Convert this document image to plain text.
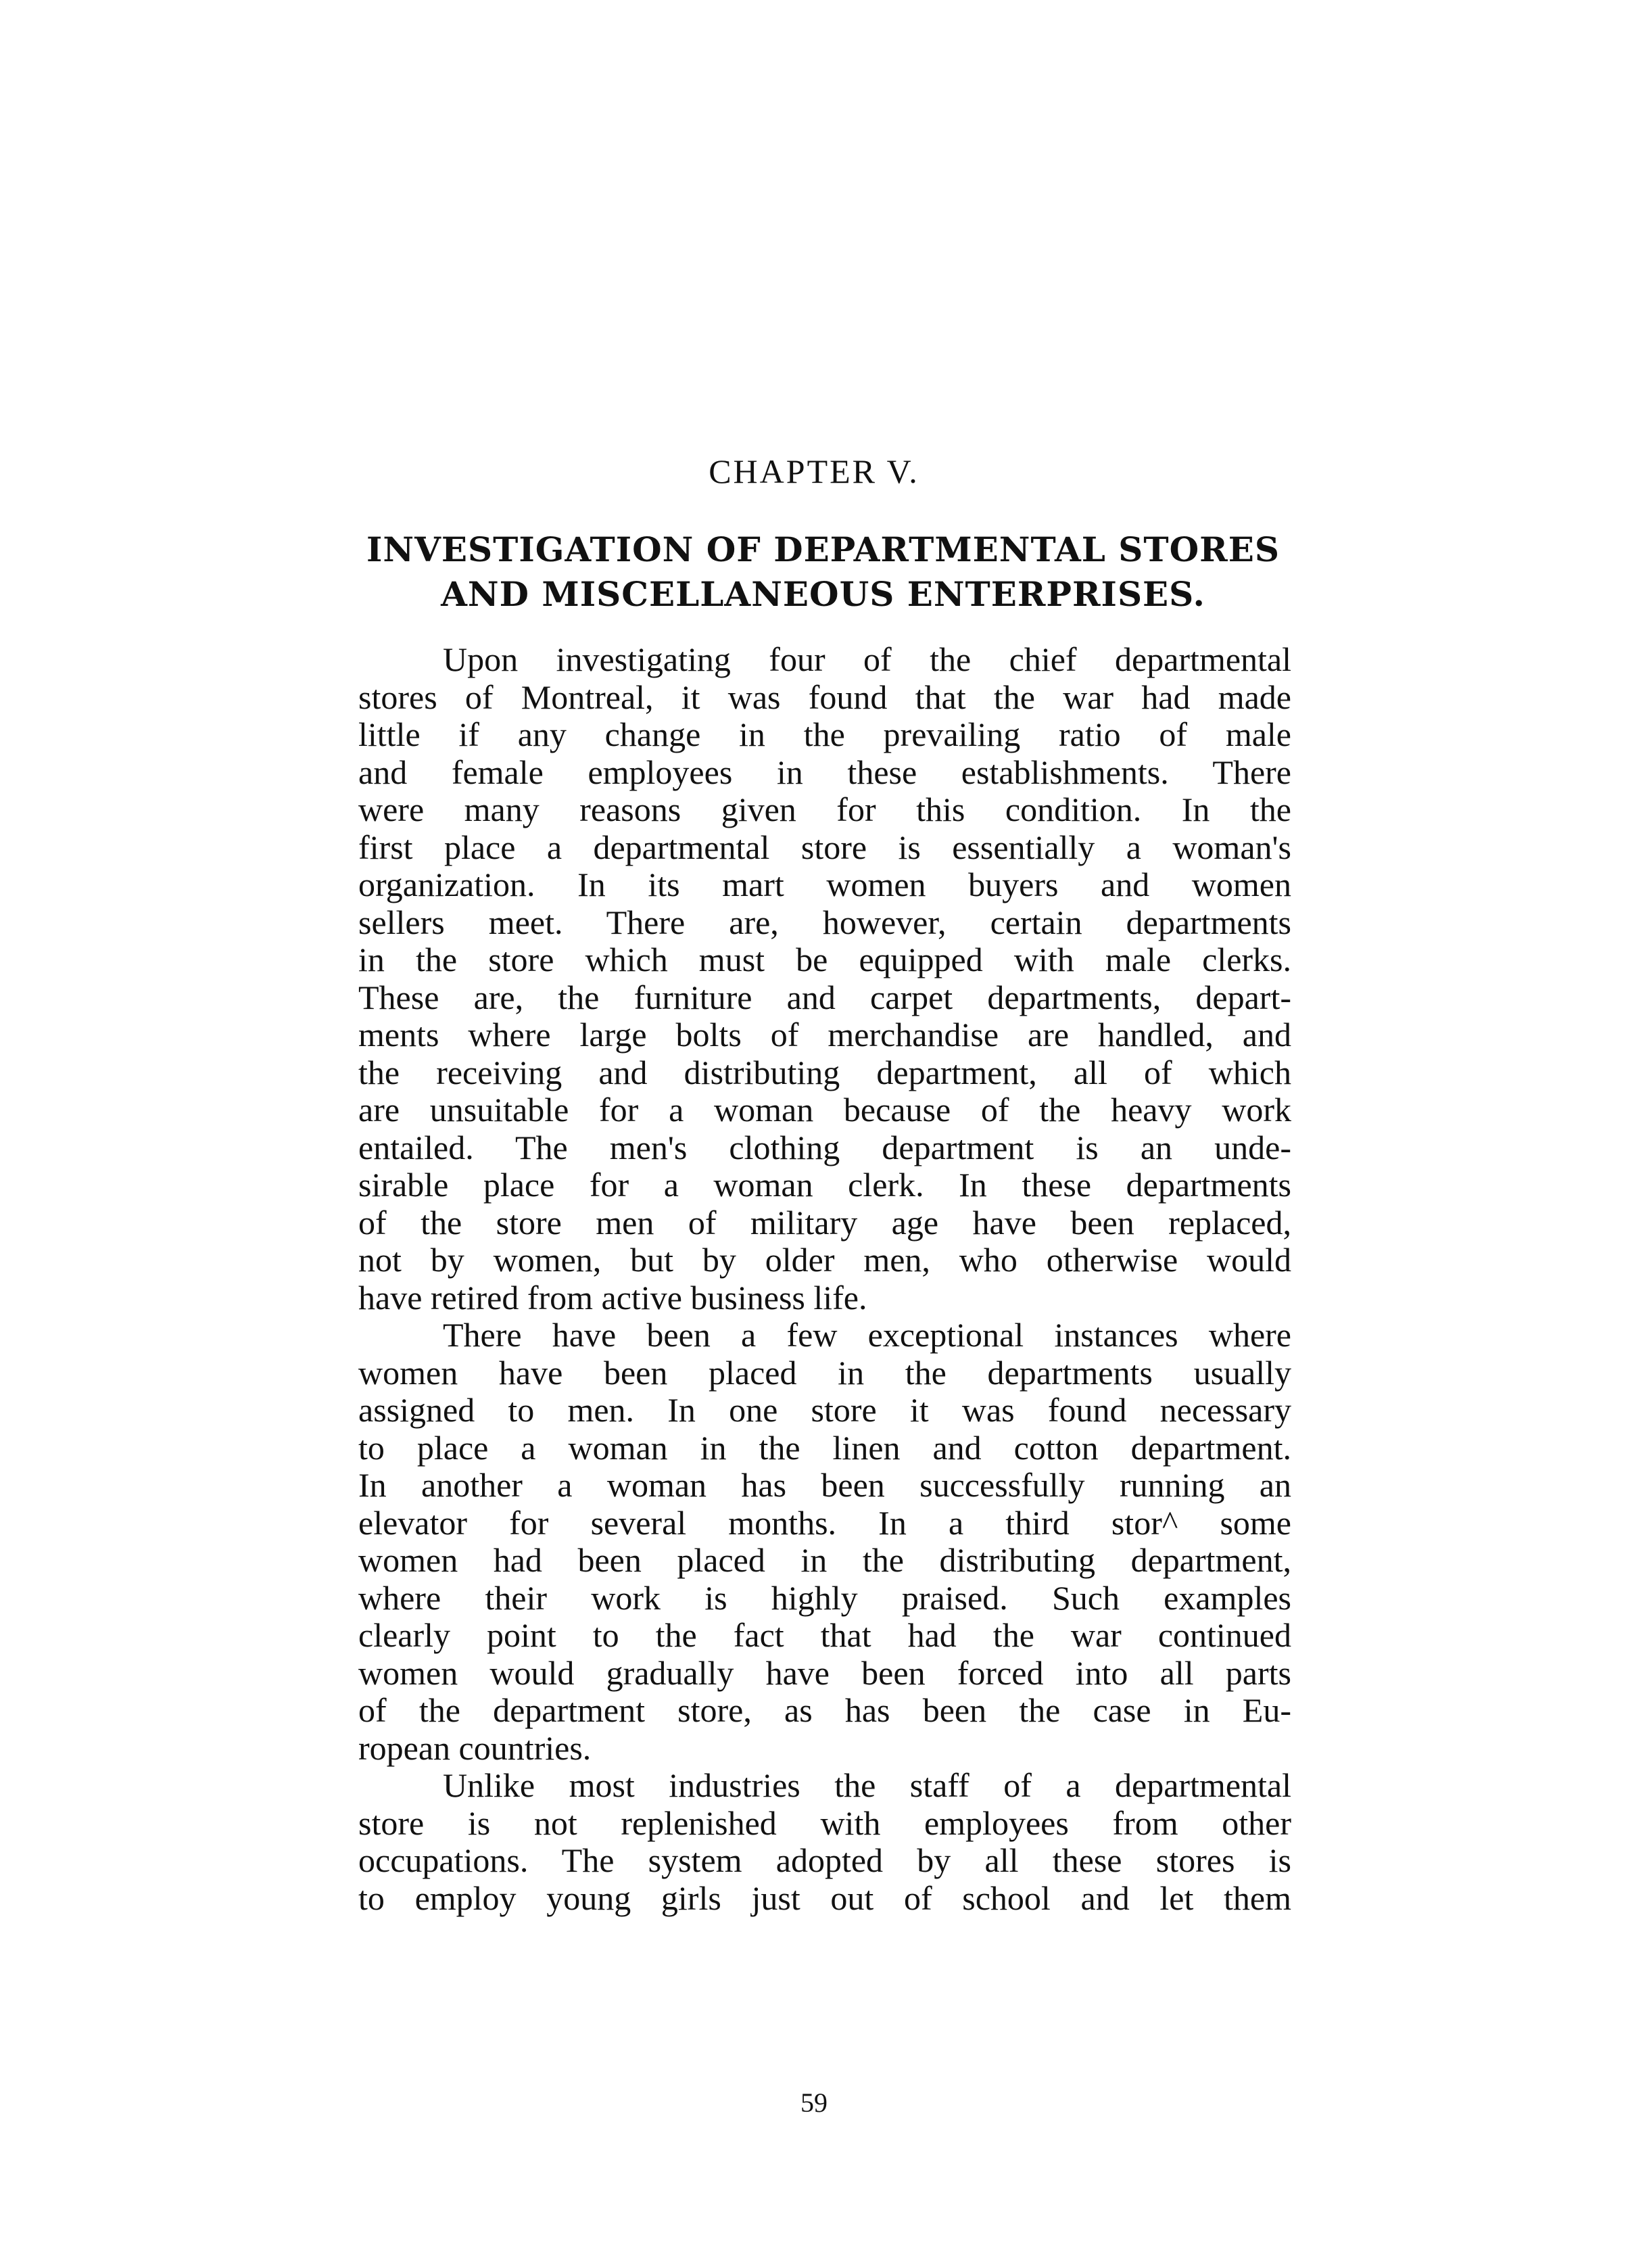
CHAPTER V.
INVESTIGATION OF DEPARTMENTAL STORES
AND MISCELLANEOUS ENTERPRISES.
Upon investigating four of the chief departmental
stores of Montreal, it was found that the war had made
little if any change in the prevailing ratio of male
and female employees in these establishments. There
were many reasons given for this condition. In the
first place a departmental store is essentially a woman's
organization. In its mart women buyers and women
sellers meet. There are, however, certain departments
in the store which must be equipped with male clerks.
These are, the furniture and carpet departments, depart-
ments where large bolts of merchandise are handled, and
the receiving and distributing department, all of which
are unsuitable for a woman because of the heavy work
entailed. The men's clothing department is an unde-
sirable place for a woman clerk. In these departments
of the store men of military age have been replaced,
not by women, but by older men, who otherwise would
have retired from active business life.
There have been a few exceptional instances where
women have been placed in the departments usually
assigned to men. In one store it was found necessary
to place a woman in the linen and cotton department.
In another a woman has been successfully running an
elevator for several months. In a third stor^ some
women had been placed in the distributing department,
where their work is highly praised. Such examples
clearly point to the fact that had the war continued
women would gradually have been forced into all parts
of the department store, as has been the case in Eu-
ropean countries.
Unlike most industries the staff of a departmental
store is not replenished with employees from other
occupations. The system adopted by all these stores is
to employ young girls just out of school and let them
59
